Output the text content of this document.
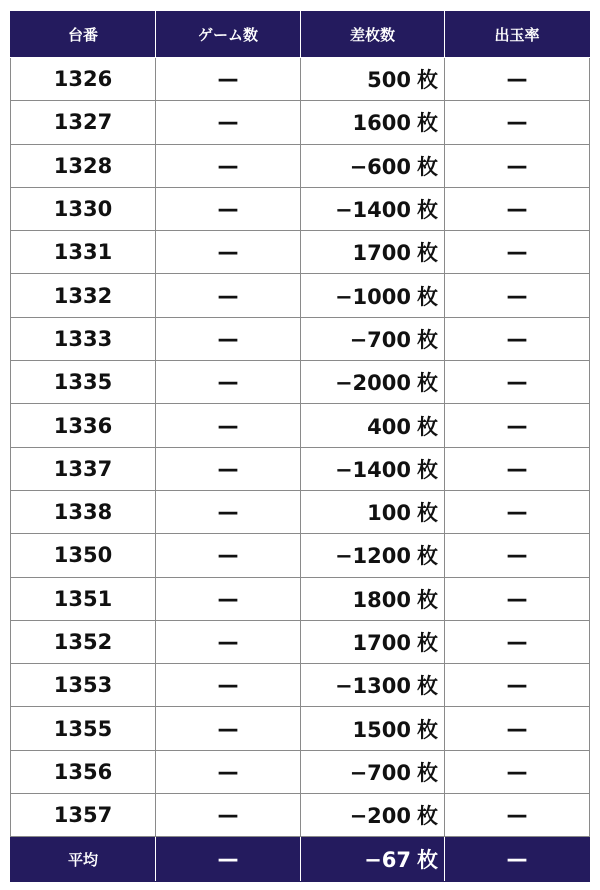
台番	ゲーム数	差枚数	出玉率
1326	—	500 枚	—
1327	—	1600 枚	—
1328	—	−600 枚	—
1330	—	−1400 枚	—
1331	—	1700 枚	—
1332	—	−1000 枚	—
1333	—	−700 枚	—
1335	—	−2000 枚	—
1336	—	400 枚	—
1337	—	−1400 枚	—
1338	—	100 枚	—
1350	—	−1200 枚	—
1351	—	1800 枚	—
1352	—	1700 枚	—
1353	—	−1300 枚	—
1355	—	1500 枚	—
1356	—	−700 枚	—
1357	—	−200 枚	—
平均	—	−67 枚	—
